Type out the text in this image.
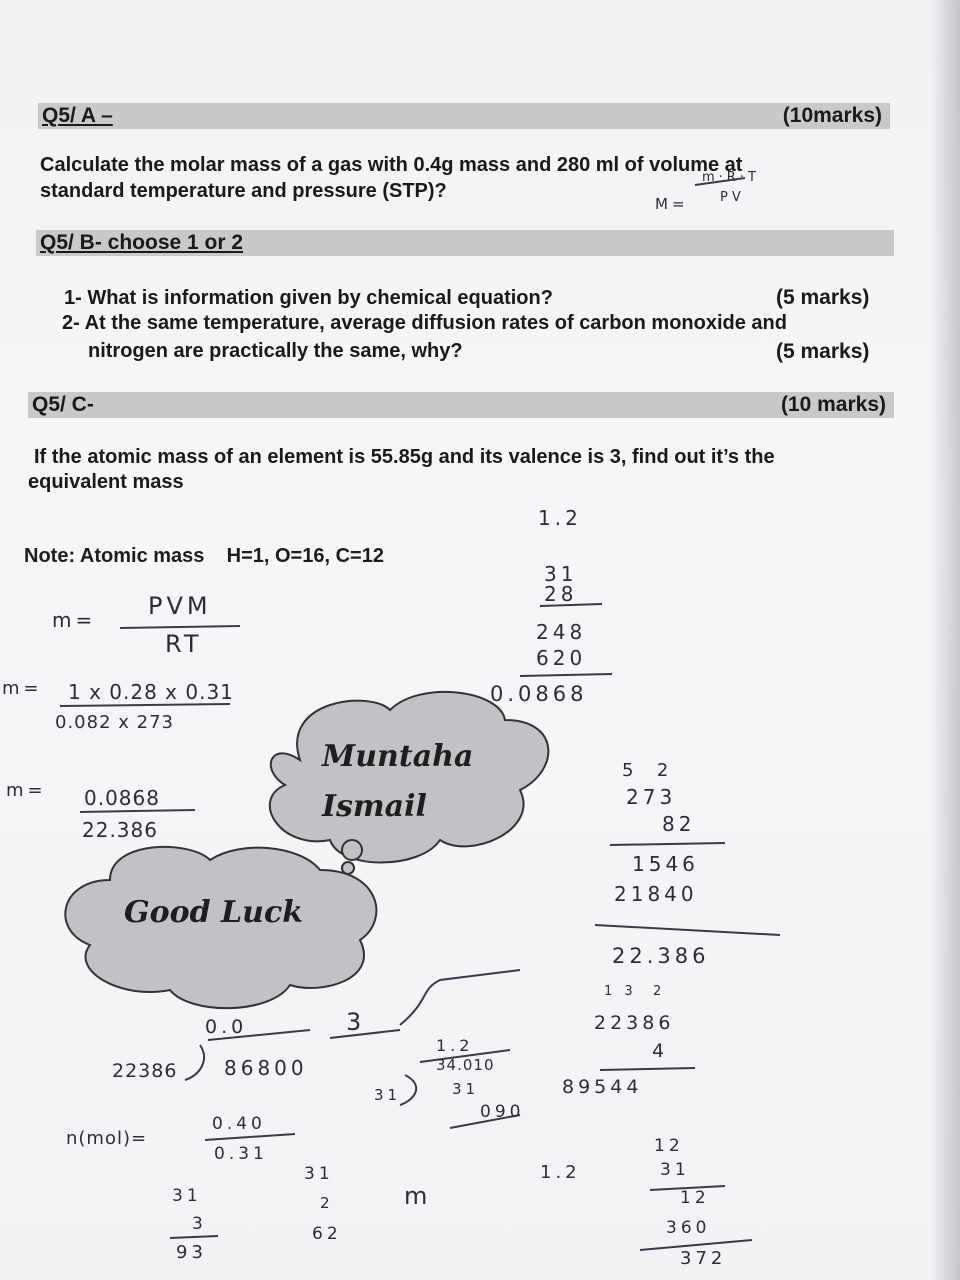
Q5/ A –	(10marks)
Calculate the molar mass of a gas with 0.4g mass and 280 ml of volume at
standard temperature and pressure (STP)?
Q5/ B- choose 1 or 2
1- What is information given by chemical equation?	(5 marks)
2- At the same temperature, average diffusion rates of carbon monoxide and
nitrogen are practically the same, why?	(5 marks)
Q5/ C-	(10 marks)
If the atomic mass of an element is 55.85g and its valence is 3, find out it’s the
equivalent mass
Note: Atomic mass    H=1, O=16, C=12
Muntaha
Ismail
Good Luck
m·R·T
PV
M=
m= PVM
RT
m= 1 x 0.28 x 0.31
0.082 x 273
m= 0.0868
22.386
1.2
31
28
248
620
0.0868
5  2
273
82
1546
21840
22.386
1 3  2
22386
4
89544
0.0
22386 86800
3
1.2
31
34.010
31
090
n(mol)=
0.40
0.31
31
3
93
31
2
62
m
1.2
12
31
12
360
372
